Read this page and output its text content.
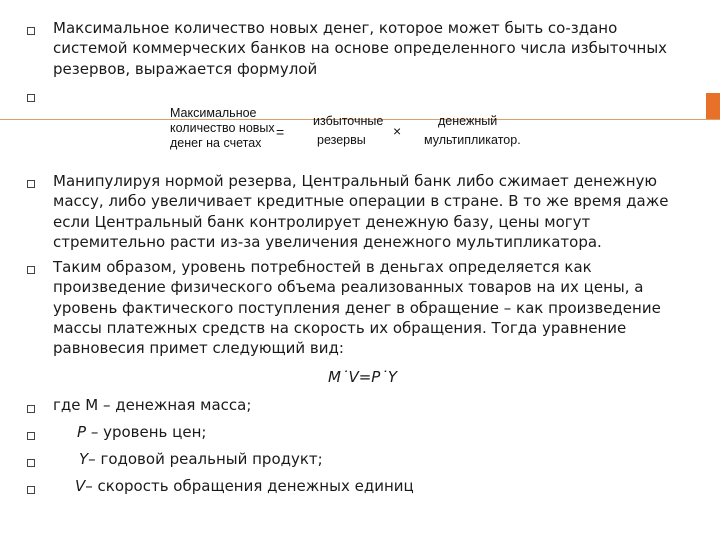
Максимальное количество новых денег, которое может быть со-здано системой коммерческих банков на основе определенного числа избыточных резервов, выражается формулой
Максимальное
количество новых
денег на счетах
=
избыточные
резервы
×
денежный
мультипликатор.
Манипулируя нормой резерва, Центральный банк либо сжимает денежную массу, либо увеличивает кредитные операции в стране. В то же время даже если Центральный банк контролирует денежную базу, цены могут стремительно расти из-за увеличения денежного мультипликатора.
Таким образом, уровень потребностей в деньгах определяется как произведение физического объема реализованных товаров на их цены, а уровень фактического поступления денег в обращение – как произведение массы платежных средств на скорость их обращения. Тогда уравнение равновесия примет следующий вид:
M˙V=P˙Y
где М – денежная масса;
P – уровень цен;
Y– годовой реальный продукт;
V– скорость обращения денежных единиц
